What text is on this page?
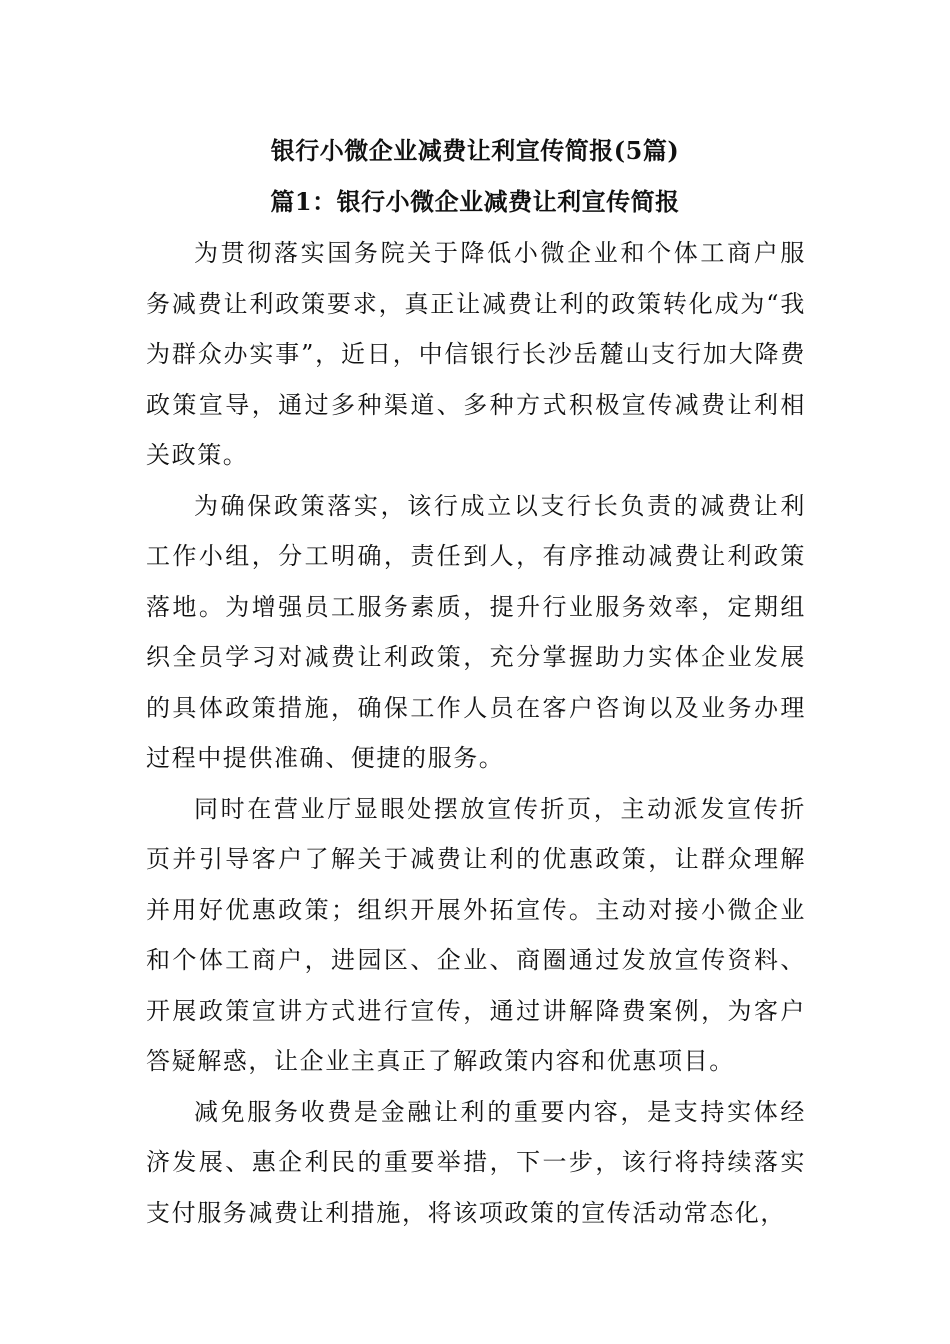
银行小微企业减费让利宣传简报(5篇)
篇1：银行小微企业减费让利宣传简报

为贯彻落实国务院关于降低小微企业和个体工商户服务减费让利政策要求，真正让减费让利的政策转化成为“我为群众办实事”，近日，中信银行长沙岳麓山支行加大降费政策宣导，通过多种渠道、多种方式积极宣传减费让利相关政策。

为确保政策落实，该行成立以支行长负责的减费让利工作小组，分工明确，责任到人，有序推动减费让利政策落地。为增强员工服务素质，提升行业服务效率，定期组织全员学习对减费让利政策，充分掌握助力实体企业发展的具体政策措施，确保工作人员在客户咨询以及业务办理过程中提供准确、便捷的服务。

同时在营业厅显眼处摆放宣传折页，主动派发宣传折页并引导客户了解关于减费让利的优惠政策，让群众理解并用好优惠政策；组织开展外拓宣传。主动对接小微企业和个体工商户，进园区、企业、商圈通过发放宣传资料、开展政策宣讲方式进行宣传，通过讲解降费案例，为客户答疑解惑，让企业主真正了解政策内容和优惠项目。

减免服务收费是金融让利的重要内容，是支持实体经济发展、惠企利民的重要举措，下一步，该行将持续落实支付服务减费让利措施，将该项政策的宣传活动常态化，
